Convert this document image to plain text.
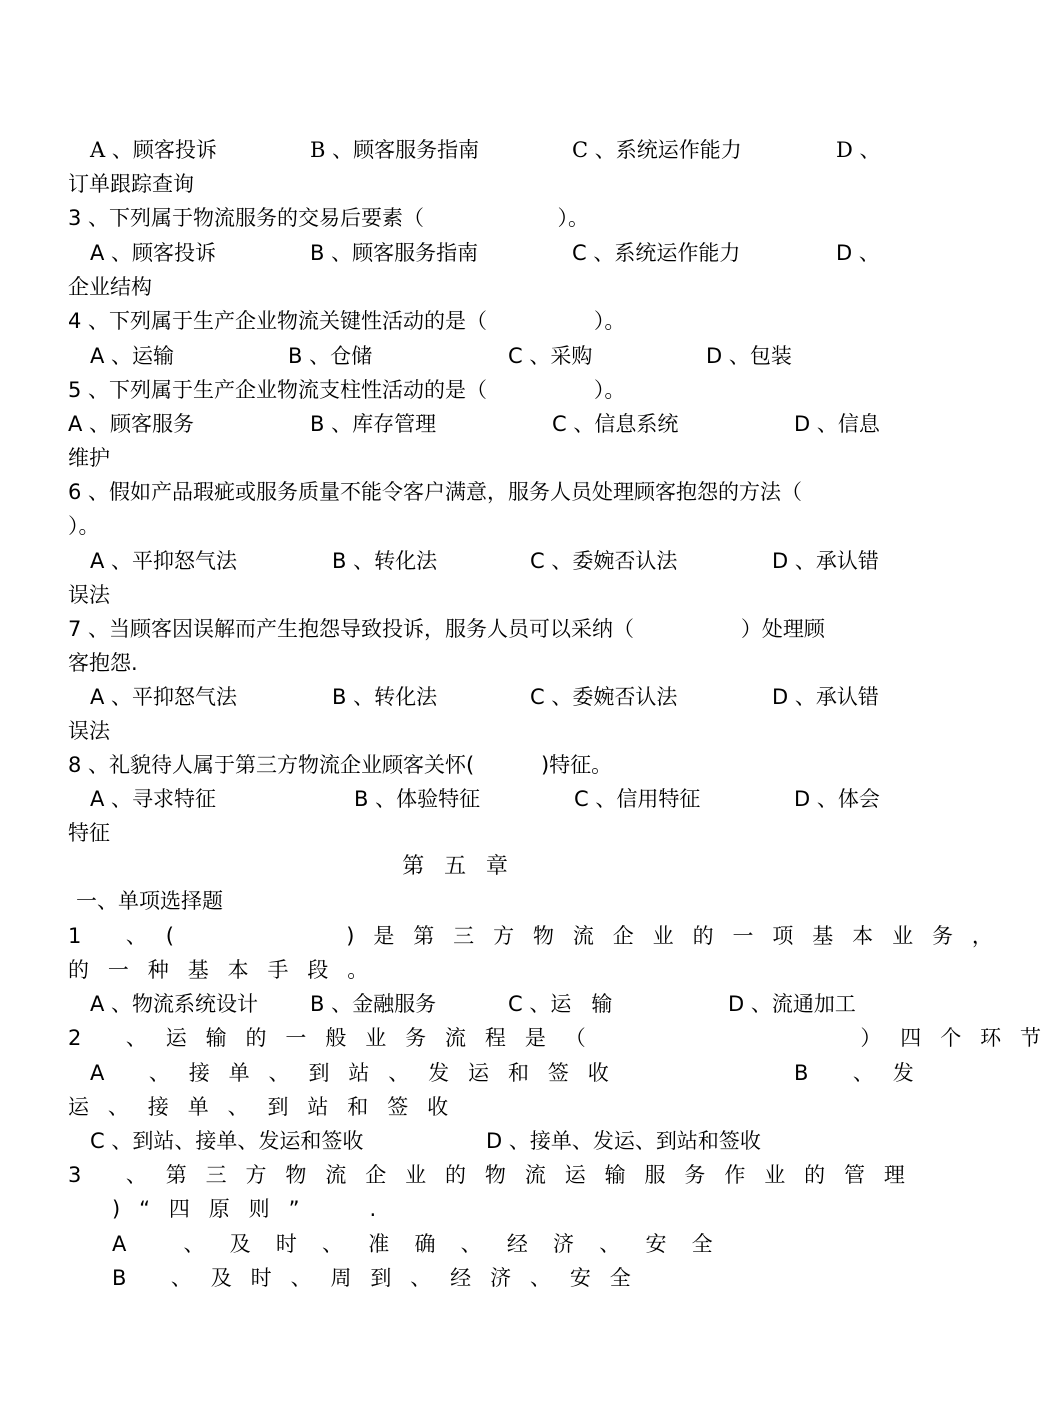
A 、顾客投诉	B 、顾客服务指南	C 、系统运作能力	D 、
订单跟踪查询
3 、下列属于物流服务的交易后要素（                    ）。
A 、顾客投诉	B 、顾客服务指南	C 、系统运作能力	D 、
企业结构
4 、下列属于生产企业物流关键性活动的是（                ）。
A 、运输	B 、仓储	C 、采购	D 、包装
5 、下列属于生产企业物流支柱性活动的是（                ）。
A 、顾客服务	B 、库存管理	C 、信息系统	D 、信息
维护
6 、假如产品瑕疵或服务质量不能令客户满意，服务人员处理顾客抱怨的方法（
）。
A 、平抑怒气法	B 、转化法	C 、委婉否认法	D 、承认错
误法
7 、当顾客因误解而产生抱怨导致投诉，服务人员可以采纳（                ）处理顾
客抱怨.
A 、平抑怒气法	B 、转化法	C 、委婉否认法	D 、承认错
误法
8 、礼貌待人属于第三方物流企业顾客关怀(          )特征。
A 、寻求特征	B 、体验特征	C 、信用特征	D 、体会
特征
第五章
一、单项选择题
1 、(      )是第三方物流企业的一项基本业务，
的一种基本手段。
A 、物流系统设计 B 、金融服务	C 、运   输	D 、流通加工
2 、运输的一般业务流程是（          ）四个环节
A 、接单、到站、发运和签收	B 、发
运、接单、到站和签收
C 、到站、接单、发运和签收	D 、接单、发运、到站和签收
3 、第三方物流企业的物流运输服务作业的管理
)“四原则”  .
A 、及时、准确、经济、安全
B 、及时、周到、经济、安全
